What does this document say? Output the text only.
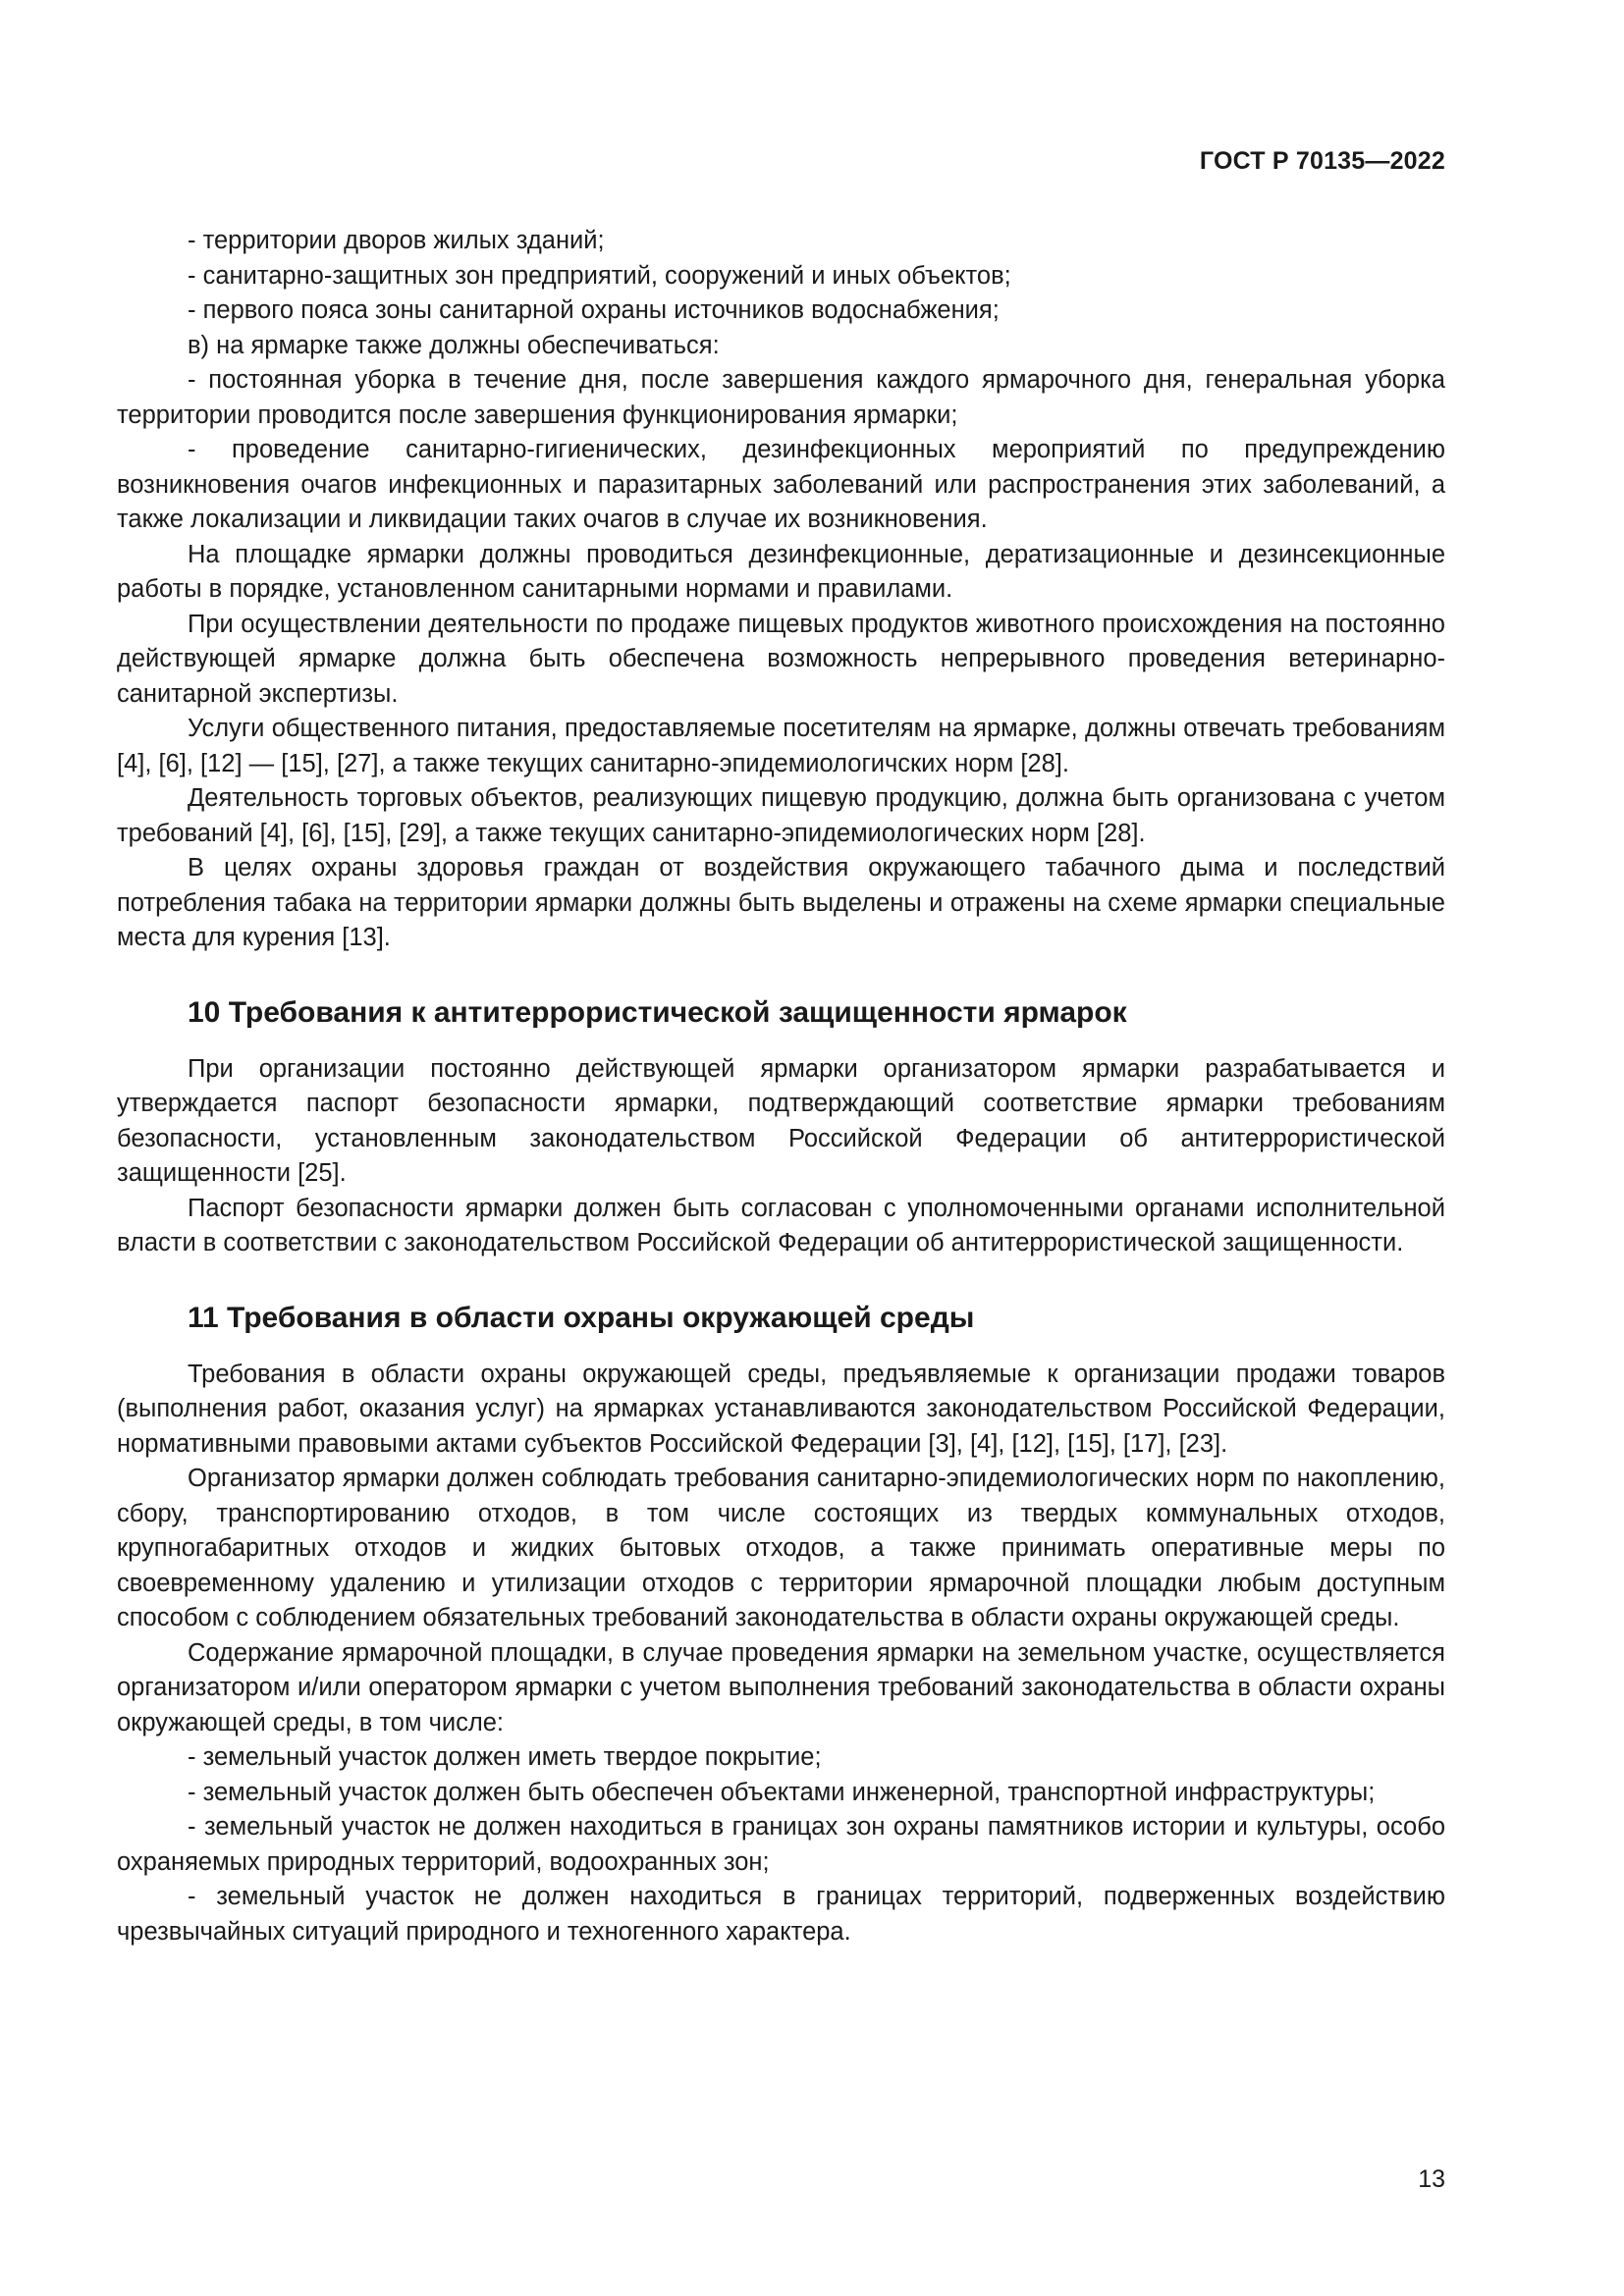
ГОСТ Р 70135—2022

- территории дворов жилых зданий;

- санитарно-защитных зон предприятий, сооружений и иных объектов;

- первого пояса зоны санитарной охраны источников водоснабжения;

в) на ярмарке также должны обеспечиваться:

- постоянная уборка в течение дня, после завершения каждого ярмарочного дня, генеральная уборка территории проводится после завершения функционирования ярмарки;

- проведение санитарно-гигиенических, дезинфекционных мероприятий по предупреждению возникновения очагов инфекционных и паразитарных заболеваний или распространения этих заболеваний, а также локализации и ликвидации таких очагов в случае их возникновения.

На площадке ярмарки должны проводиться дезинфекционные, дератизационные и дезинсекционные работы в порядке, установленном санитарными нормами и правилами.

При осуществлении деятельности по продаже пищевых продуктов животного происхождения на постоянно действующей ярмарке должна быть обеспечена возможность непрерывного проведения ветеринарно-санитарной экспертизы.

Услуги общественного питания, предоставляемые посетителям на ярмарке, должны отвечать требованиям [4], [6], [12] — [15], [27], а также текущих санитарно-эпидемиологичских норм [28].

Деятельность торговых объектов, реализующих пищевую продукцию, должна быть организована с учетом требований [4], [6], [15], [29], а также текущих санитарно-эпидемиологических норм [28].

В целях охраны здоровья граждан от воздействия окружающего табачного дыма и последствий потребления табака на территории ярмарки должны быть выделены и отражены на схеме ярмарки специальные места для курения [13].

10 Требования к антитеррористической защищенности ярмарок

При организации постоянно действующей ярмарки организатором ярмарки разрабатывается и утверждается паспорт безопасности ярмарки, подтверждающий соответствие ярмарки требованиям безопасности, установленным законодательством Российской Федерации об антитеррористической защищенности [25].

Паспорт безопасности ярмарки должен быть согласован с уполномоченными органами исполнительной власти в соответствии с законодательством Российской Федерации об антитеррористической защищенности.

11 Требования в области охраны окружающей среды

Требования в области охраны окружающей среды, предъявляемые к организации продажи товаров (выполнения работ, оказания услуг) на ярмарках устанавливаются законодательством Российской Федерации, нормативными правовыми актами субъектов Российской Федерации [3], [4], [12], [15], [17], [23].

Организатор ярмарки должен соблюдать требования санитарно-эпидемиологических норм по накоплению, сбору, транспортированию отходов, в том числе состоящих из твердых коммунальных отходов, крупногабаритных отходов и жидких бытовых отходов, а также принимать оперативные меры по своевременному удалению и утилизации отходов с территории ярмарочной площадки любым доступным способом с соблюдением обязательных требований законодательства в области охраны окружающей среды.

Содержание ярмарочной площадки, в случае проведения ярмарки на земельном участке, осуществляется организатором и/или оператором ярмарки с учетом выполнения требований законодательства в области охраны окружающей среды, в том числе:

- земельный участок должен иметь твердое покрытие;

- земельный участок должен быть обеспечен объектами инженерной, транспортной инфраструктуры;

- земельный участок не должен находиться в границах зон охраны памятников истории и культуры, особо охраняемых природных территорий, водоохранных зон;

- земельный участок не должен находиться в границах территорий, подверженных воздействию чрезвычайных ситуаций природного и техногенного характера.

13
